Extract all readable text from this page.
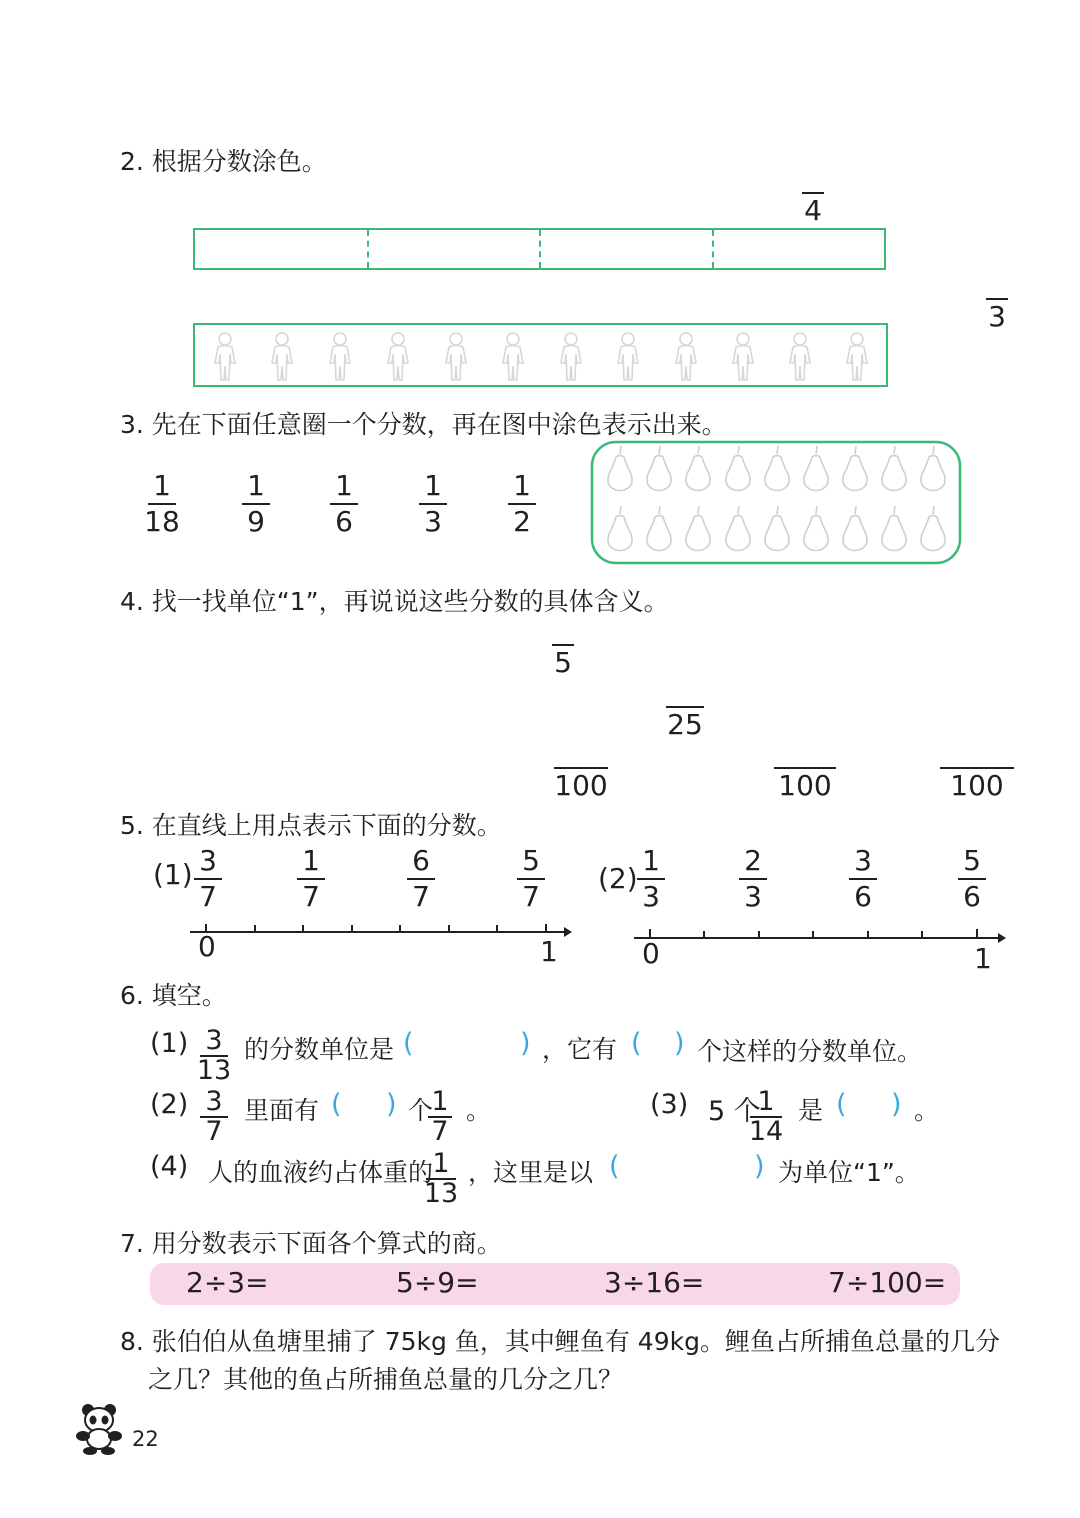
2. 根据分数涂色。
4
3
3. 先在下面任意圈一个分数，再在图中涂色表示出来。
1
18
1
9
1
6
1
3
1
2
4. 找一找单位“1”，再说说这些分数的具体含义。
5
25
100	100	100
5. 在直线上用点表示下面的分数。
(1) 3
7
1
7
6
7
5
7
0	1
(2)
1
3
2
3
3
6
5
6
0	1
6. 填空。
(1) 3
13
的分数单位是 (	) ，它有 ( ) 个这样的分数单位。
(2) 3
7
里面有 ( ) 个
1
7
。	(3) 5 个
1
14
是 ( ) 。
(4) 人的血液约占体重的 1
13
，这里是以 (	) 为单位“1”。
7. 用分数表示下面各个算式的商。
2÷3=	5÷9=	3÷16=	7÷100=
8. 张伯伯从鱼塘里捕了 75kg 鱼，其中鲤鱼有 49kg。鲤鱼占所捕鱼总量的几分
之几？其他的鱼占所捕鱼总量的几分之几？
22
